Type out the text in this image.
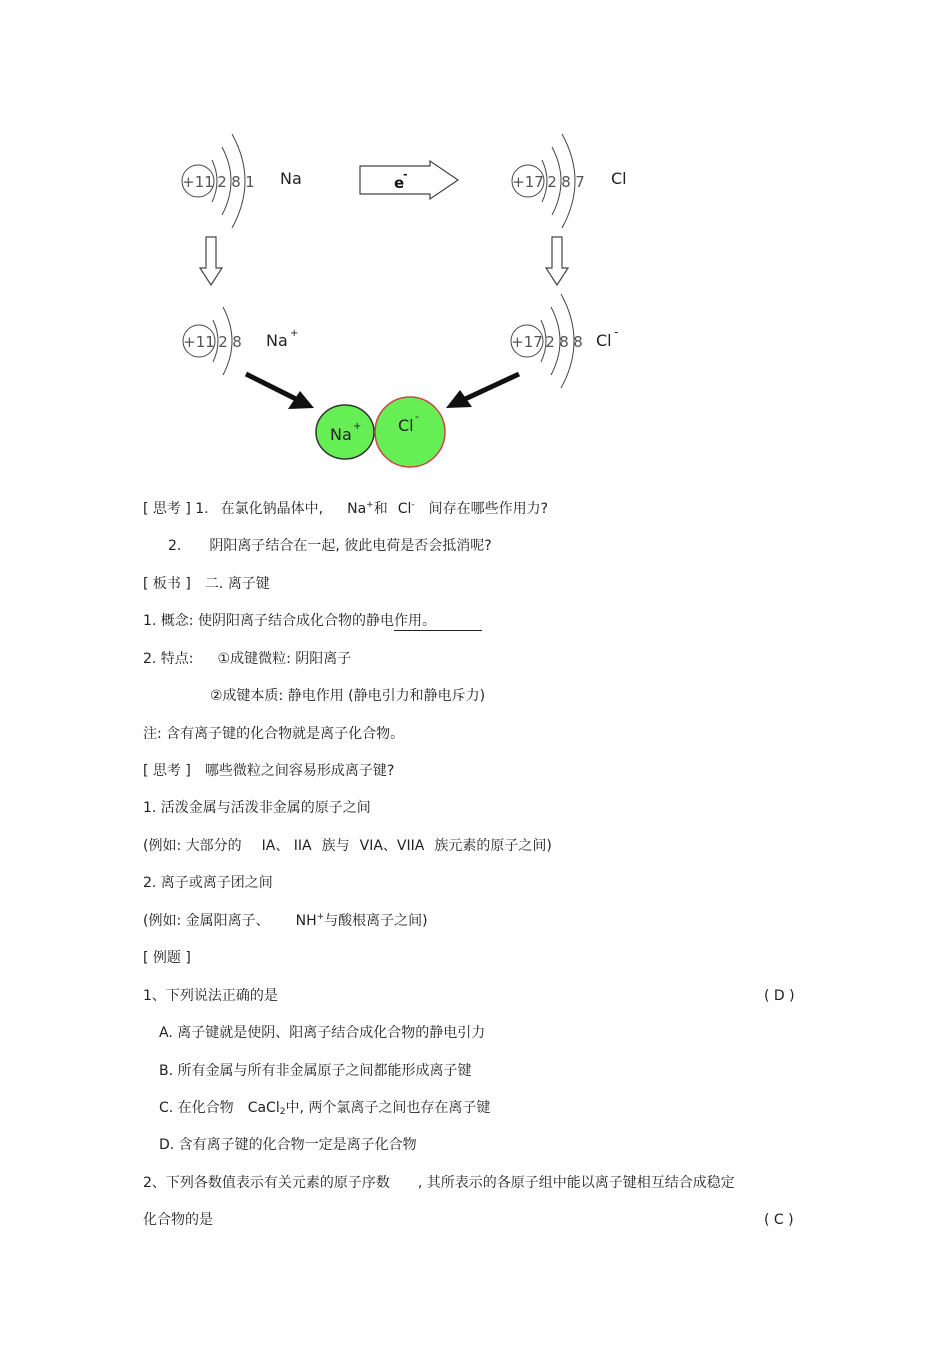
+11 2 8 1 Na	e
-	+17 2 8 7 Cl
+11 2 8 Na +	+17 2 8 8 Cl -
Na + Cl -
[ 思考 ] 1. 在氯化钠晶体中, Na+和 Cl- 间存在哪些作用力?
2. 阴阳离子结合在一起, 彼此电荷是否会抵消呢?
[ 板书 ] 二. 离子键
1. 概念: 使阴阳离子结合成化合物的静电作用。
2. 特点: ①成键微粒: 阴阳离子
②成键本质: 静电作用 (静电引力和静电斥力)
注: 含有离子键的化合物就是离子化合物。
[ 思考 ] 哪些微粒之间容易形成离子键?
1. 活泼金属与活泼非金属的原子之间
(例如: 大部分的 IA、 IIA 族与 VIA、VIIA 族元素的原子之间)
2. 离子或离子团之间
(例如: 金属阳离子、 NH+与酸根离子之间)
[ 例题 ]
1、下列说法正确的是	( D )
A. 离子键就是使阴、阳离子结合成化合物的静电引力
B. 所有金属与所有非金属原子之间都能形成离子键
C. 在化合物 CaCl$_2$中, 两个氯离子之间也存在离子键
D. 含有离子键的化合物一定是离子化合物
2、下列各数值表示有关元素的原子序数 , 其所表示的各原子组中能以离子键相互结合成稳定
化合物的是	( C )
